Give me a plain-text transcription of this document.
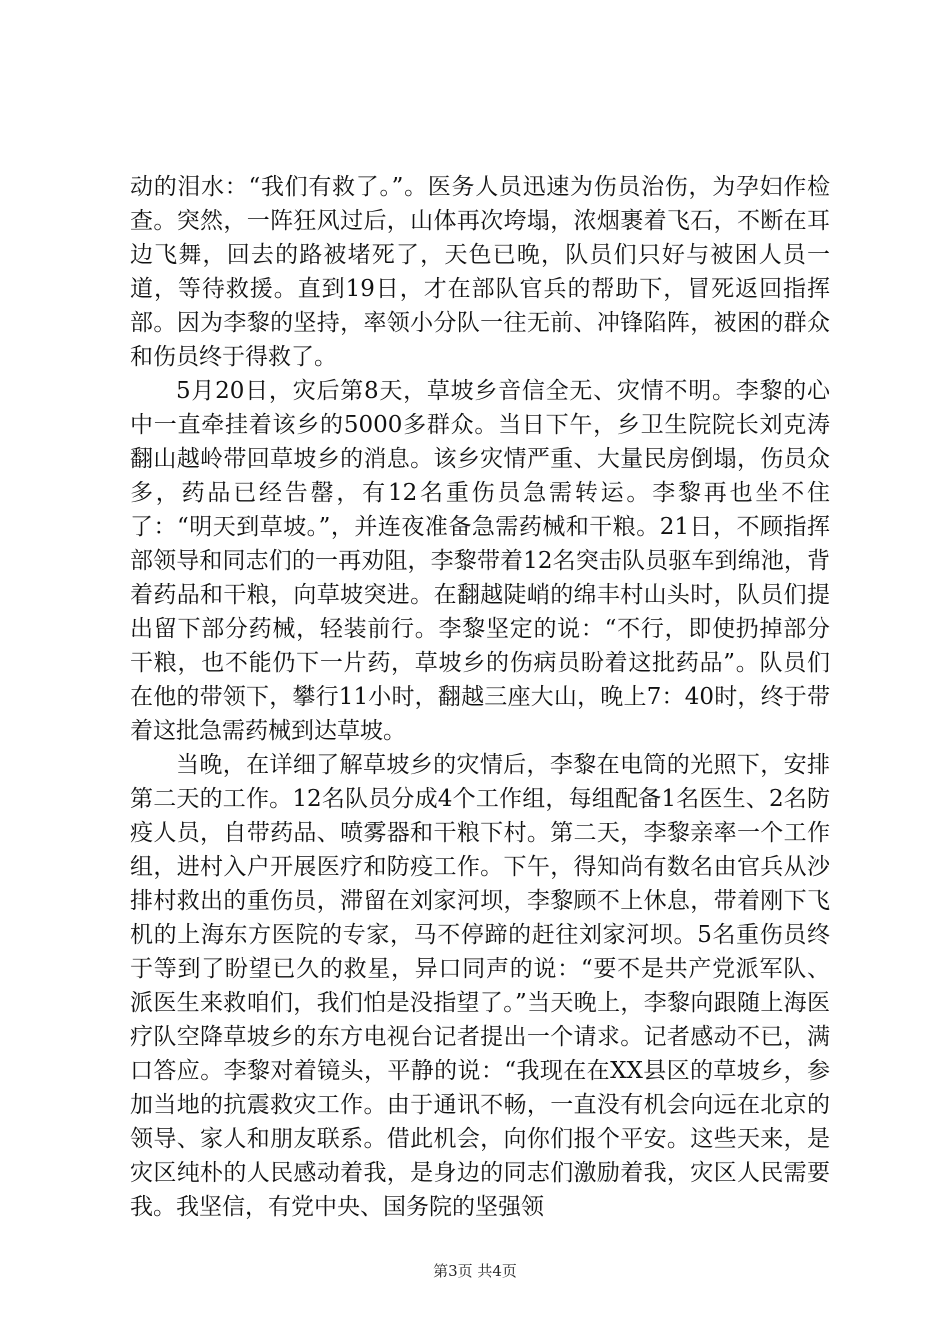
动的泪水：“我们有救了。”。医务人员迅速为伤员治伤，为孕妇作检查。突然，一阵狂风过后，山体再次垮塌，浓烟裹着飞石，不断在耳边飞舞，回去的路被堵死了，天色已晚，队员们只好与被困人员一道，等待救援。直到19日，才在部队官兵的帮助下，冒死返回指挥部。因为李黎的坚持，率领小分队一往无前、冲锋陷阵，被困的群众和伤员终于得救了。

5月20日，灾后第8天，草坡乡音信全无、灾情不明。李黎的心中一直牵挂着该乡的5000多群众。当日下午，乡卫生院院长刘克涛翻山越岭带回草坡乡的消息。该乡灾情严重、大量民房倒塌，伤员众多，药品已经告罄，有12名重伤员急需转运。李黎再也坐不住了：“明天到草坡。”，并连夜准备急需药械和干粮。21日，不顾指挥部领导和同志们的一再劝阻，李黎带着12名突击队员驱车到绵池，背着药品和干粮，向草坡突进。在翻越陡峭的绵丰村山头时，队员们提出留下部分药械，轻装前行。李黎坚定的说：“不行，即使扔掉部分干粮，也不能仍下一片药，草坡乡的伤病员盼着这批药品”。队员们在他的带领下，攀行11小时，翻越三座大山，晚上7：40时，终于带着这批急需药械到达草坡。

当晚，在详细了解草坡乡的灾情后，李黎在电筒的光照下，安排第二天的工作。12名队员分成4个工作组，每组配备1名医生、2名防疫人员，自带药品、喷雾器和干粮下村。第二天，李黎亲率一个工作组，进村入户开展医疗和防疫工作。下午，得知尚有数名由官兵从沙排村救出的重伤员，滞留在刘家河坝，李黎顾不上休息，带着刚下飞机的上海东方医院的专家，马不停蹄的赶往刘家河坝。5名重伤员终于等到了盼望已久的救星，异口同声的说：“要不是共产党派军队、派医生来救咱们，我们怕是没指望了。”当天晚上，李黎向跟随上海医疗队空降草坡乡的东方电视台记者提出一个请求。记者感动不已，满口答应。李黎对着镜头，平静的说：“我现在在XX县区的草坡乡，参加当地的抗震救灾工作。由于通讯不畅，一直没有机会向远在北京的领导、家人和朋友联系。借此机会，向你们报个平安。这些天来，是灾区纯朴的人民感动着我，是身边的同志们激励着我，灾区人民需要我。我坚信，有党中央、国务院的坚强领

第3页 共4页
